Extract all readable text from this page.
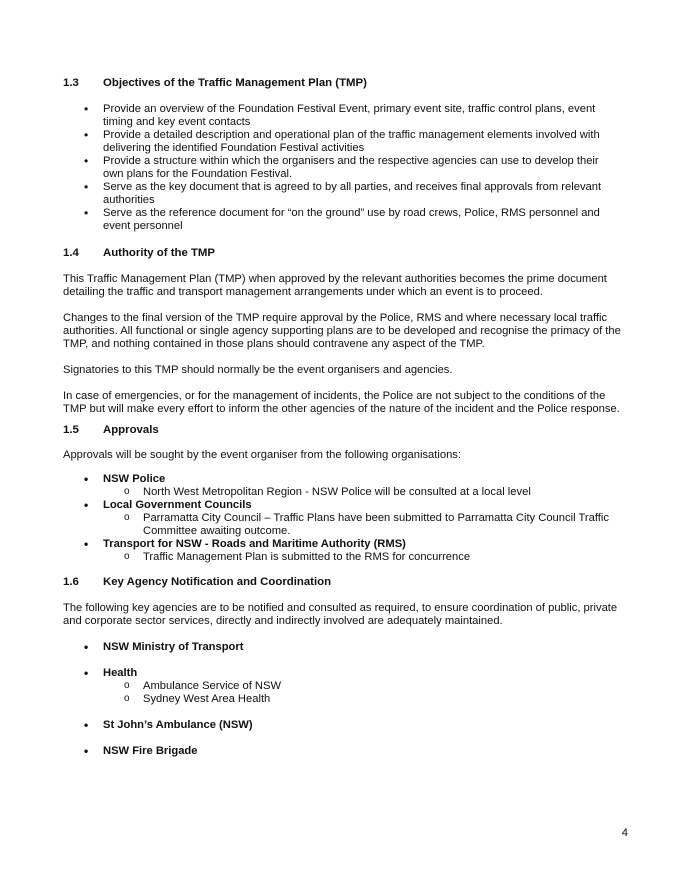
1.3 Objectives of the Traffic Management Plan (TMP)
• Provide an overview of the Foundation Festival Event, primary event site, traffic control plans, event timing and key event contacts
• Provide a detailed description and operational plan of the traffic management elements involved with delivering the identified Foundation Festival activities
• Provide a structure within which the organisers and the respective agencies can use to develop their own plans for the Foundation Festival.
• Serve as the key document that is agreed to by all parties, and receives final approvals from relevant authorities
• Serve as the reference document for “on the ground” use by road crews, Police, RMS personnel and event personnel
1.4 Authority of the TMP
This Traffic Management Plan (TMP) when approved by the relevant authorities becomes the prime document detailing the traffic and transport management arrangements under which an event is to proceed.
Changes to the final version of the TMP require approval by the Police, RMS and where necessary local traffic authorities. All functional or single agency supporting plans are to be developed and recognise the primacy of the TMP, and nothing contained in those plans should contravene any aspect of the TMP.
Signatories to this TMP should normally be the event organisers and agencies.
In case of emergencies, or for the management of incidents, the Police are not subject to the conditions of the TMP but will make every effort to inform the other agencies of the nature of the incident and the Police response.
1.5 Approvals
Approvals will be sought by the event organiser from the following organisations:
• NSW Police
o North West Metropolitan Region - NSW Police will be consulted at a local level
• Local Government Councils
o Parramatta City Council – Traffic Plans have been submitted to Parramatta City Council Traffic Committee awaiting outcome.
• Transport for NSW - Roads and Maritime Authority (RMS)
o Traffic Management Plan is submitted to the RMS for concurrence
1.6 Key Agency Notification and Coordination
The following key agencies are to be notified and consulted as required, to ensure coordination of public, private and corporate sector services, directly and indirectly involved are adequately maintained.
• NSW Ministry of Transport
• Health
o Ambulance Service of NSW
o Sydney West Area Health
• St John’s Ambulance (NSW)
• NSW Fire Brigade
4
